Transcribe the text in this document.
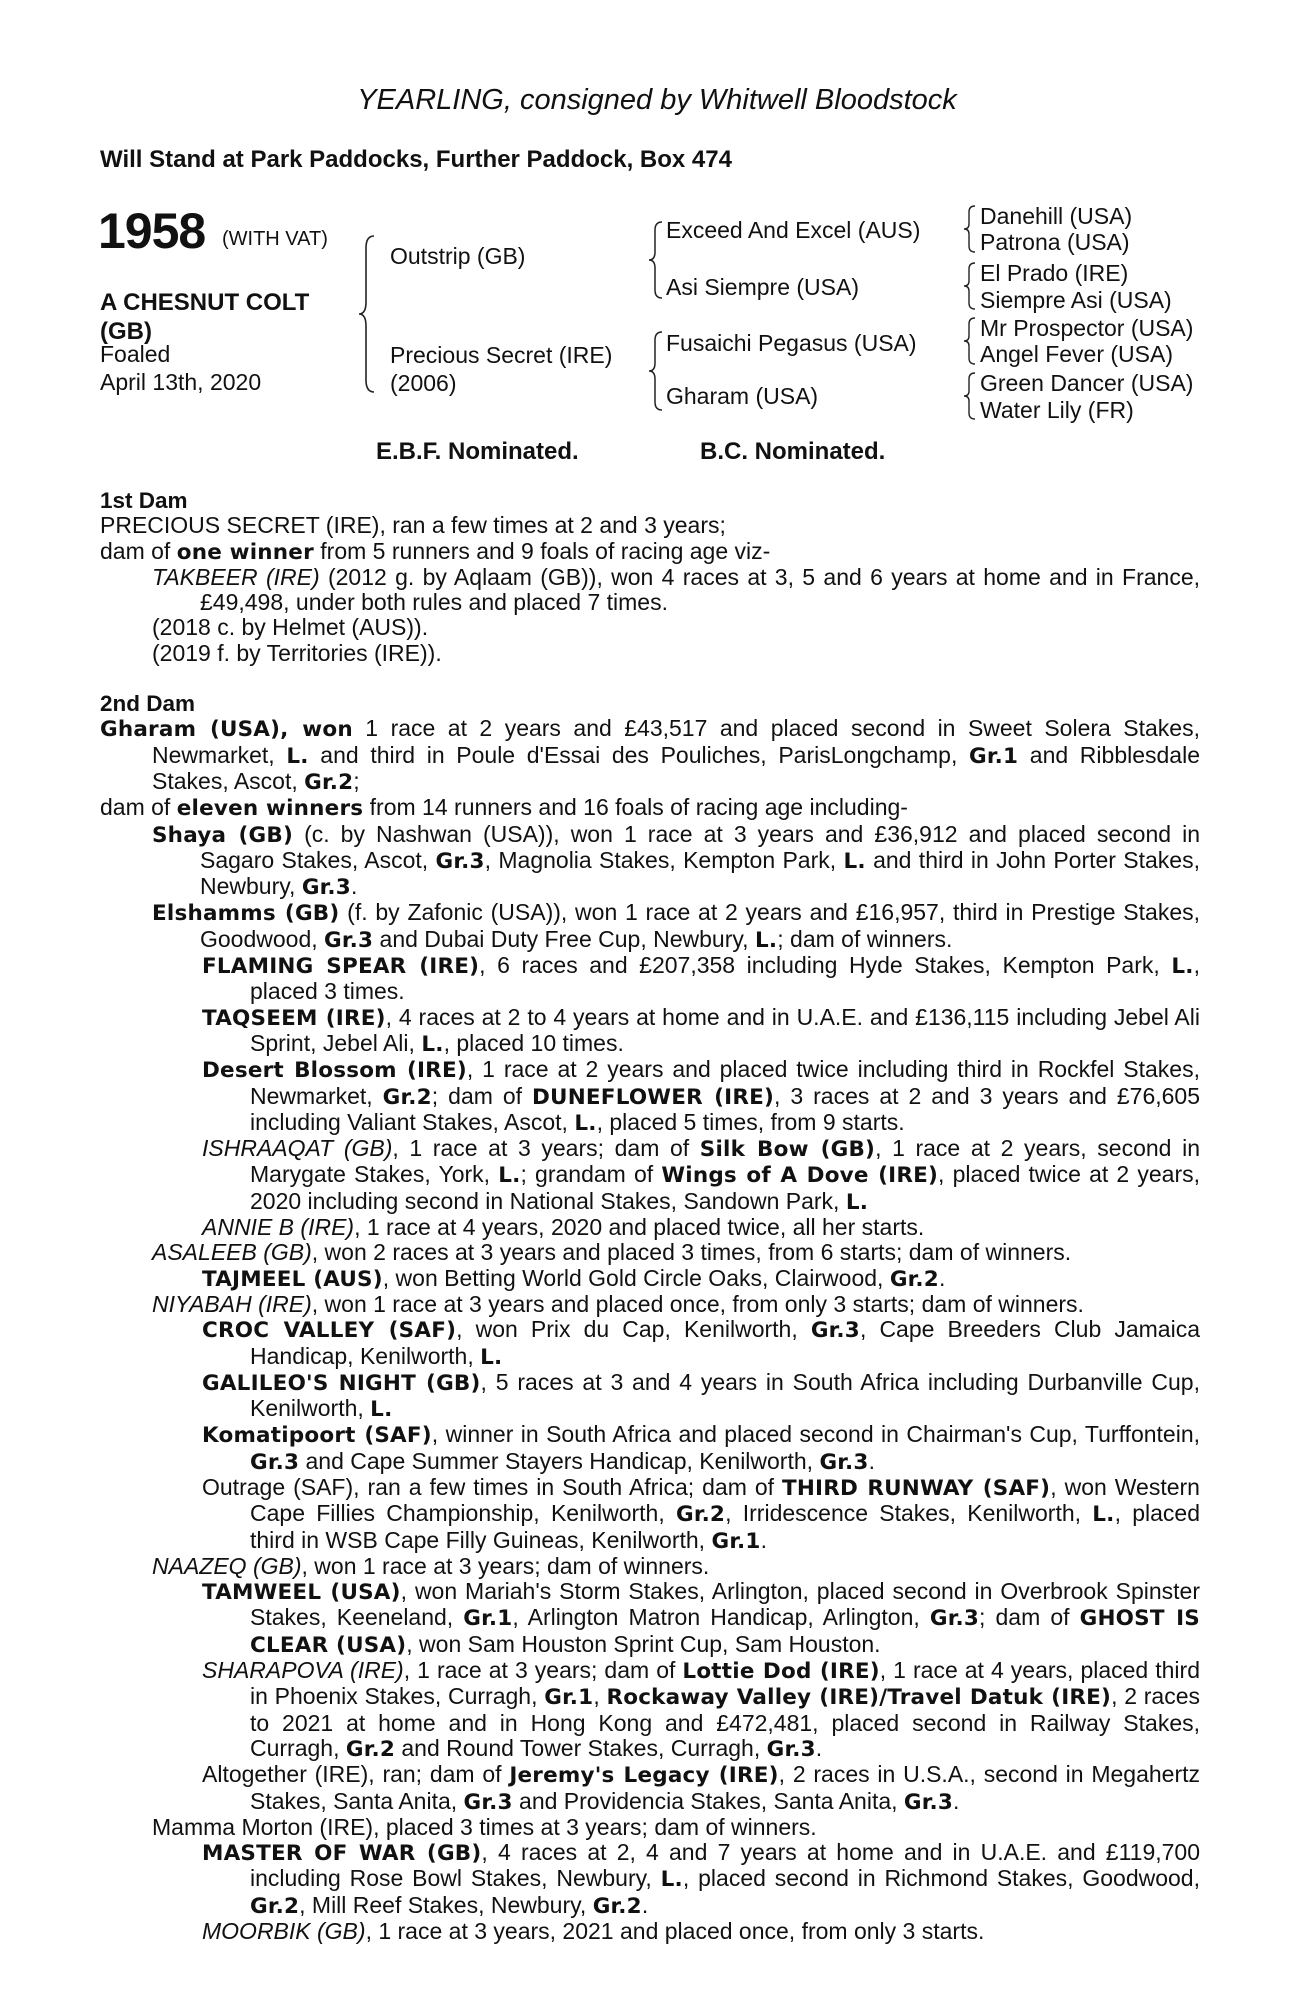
YEARLING, consigned by Whitwell Bloodstock
Will Stand at Park Paddocks, Further Paddock, Box 474
1958 (WITH VAT)
A CHESNUT COLT
(GB)
Foaled
April 13th, 2020
Outstrip (GB)
Precious Secret (IRE)
(2006)
Exceed And Excel (AUS)
Asi Siempre (USA)
Fusaichi Pegasus (USA)
Gharam (USA)
Danehill (USA)
Patrona (USA)
El Prado (IRE)
Siempre Asi (USA)
Mr Prospector (USA)
Angel Fever (USA)
Green Dancer (USA)
Water Lily (FR)
E.B.F. Nominated.	B.C. Nominated.

1st Dam

PRECIOUS SECRET (IRE), ran a few times at 2 and 3 years;

dam of one winner from 5 runners and 9 foals of racing age viz-

TAKBEER (IRE) (2012 g. by Aqlaam (GB)), won 4 races at 3, 5 and 6 years at home and in France, £49,498, under both rules and placed 7 times.

(2018 c. by Helmet (AUS)).

(2019 f. by Territories (IRE)).

2nd Dam

Gharam (USA), won 1 race at 2 years and £43,517 and placed second in Sweet Solera Stakes, Newmarket, L. and third in Poule d'Essai des Pouliches, ParisLongchamp, Gr.1 and Ribblesdale Stakes, Ascot, Gr.2;

dam of eleven winners from 14 runners and 16 foals of racing age including-

Shaya (GB) (c. by Nashwan (USA)), won 1 race at 3 years and £36,912 and placed second in Sagaro Stakes, Ascot, Gr.3, Magnolia Stakes, Kempton Park, L. and third in John Porter Stakes, Newbury, Gr.3.

Elshamms (GB) (f. by Zafonic (USA)), won 1 race at 2 years and £16,957, third in Prestige Stakes, Goodwood, Gr.3 and Dubai Duty Free Cup, Newbury, L.; dam of winners.

FLAMING SPEAR (IRE), 6 races and £207,358 including Hyde Stakes, Kempton Park, L., placed 3 times.

TAQSEEM (IRE), 4 races at 2 to 4 years at home and in U.A.E. and £136,115 including Jebel Ali Sprint, Jebel Ali, L., placed 10 times.

Desert Blossom (IRE), 1 race at 2 years and placed twice including third in Rockfel Stakes, Newmarket, Gr.2; dam of DUNEFLOWER (IRE), 3 races at 2 and 3 years and £76,605 including Valiant Stakes, Ascot, L., placed 5 times, from 9 starts.

ISHRAAQAT (GB), 1 race at 3 years; dam of Silk Bow (GB), 1 race at 2 years, second in Marygate Stakes, York, L.; grandam of Wings of A Dove (IRE), placed twice at 2 years, 2020 including second in National Stakes, Sandown Park, L.

ANNIE B (IRE), 1 race at 4 years, 2020 and placed twice, all her starts.

ASALEEB (GB), won 2 races at 3 years and placed 3 times, from 6 starts; dam of winners.

TAJMEEL (AUS), won Betting World Gold Circle Oaks, Clairwood, Gr.2.

NIYABAH (IRE), won 1 race at 3 years and placed once, from only 3 starts; dam of winners.

CROC VALLEY (SAF), won Prix du Cap, Kenilworth, Gr.3, Cape Breeders Club Jamaica Handicap, Kenilworth, L.

GALILEO'S NIGHT (GB), 5 races at 3 and 4 years in South Africa including Durbanville Cup, Kenilworth, L.

Komatipoort (SAF), winner in South Africa and placed second in Chairman's Cup, Turffontein, Gr.3 and Cape Summer Stayers Handicap, Kenilworth, Gr.3.

Outrage (SAF), ran a few times in South Africa; dam of THIRD RUNWAY (SAF), won Western Cape Fillies Championship, Kenilworth, Gr.2, Irridescence Stakes, Kenilworth, L., placed third in WSB Cape Filly Guineas, Kenilworth, Gr.1.

NAAZEQ (GB), won 1 race at 3 years; dam of winners.

TAMWEEL (USA), won Mariah's Storm Stakes, Arlington, placed second in Overbrook Spinster Stakes, Keeneland, Gr.1, Arlington Matron Handicap, Arlington, Gr.3; dam of GHOST IS CLEAR (USA), won Sam Houston Sprint Cup, Sam Houston.

SHARAPOVA (IRE), 1 race at 3 years; dam of Lottie Dod (IRE), 1 race at 4 years, placed third in Phoenix Stakes, Curragh, Gr.1, Rockaway Valley (IRE)/Travel Datuk (IRE), 2 races to 2021 at home and in Hong Kong and £472,481, placed second in Railway Stakes, Curragh, Gr.2 and Round Tower Stakes, Curragh, Gr.3.

Altogether (IRE), ran; dam of Jeremy's Legacy (IRE), 2 races in U.S.A., second in Megahertz Stakes, Santa Anita, Gr.3 and Providencia Stakes, Santa Anita, Gr.3.

Mamma Morton (IRE), placed 3 times at 3 years; dam of winners.

MASTER OF WAR (GB), 4 races at 2, 4 and 7 years at home and in U.A.E. and £119,700 including Rose Bowl Stakes, Newbury, L., placed second in Richmond Stakes, Goodwood, Gr.2, Mill Reef Stakes, Newbury, Gr.2.

MOORBIK (GB), 1 race at 3 years, 2021 and placed once, from only 3 starts.
